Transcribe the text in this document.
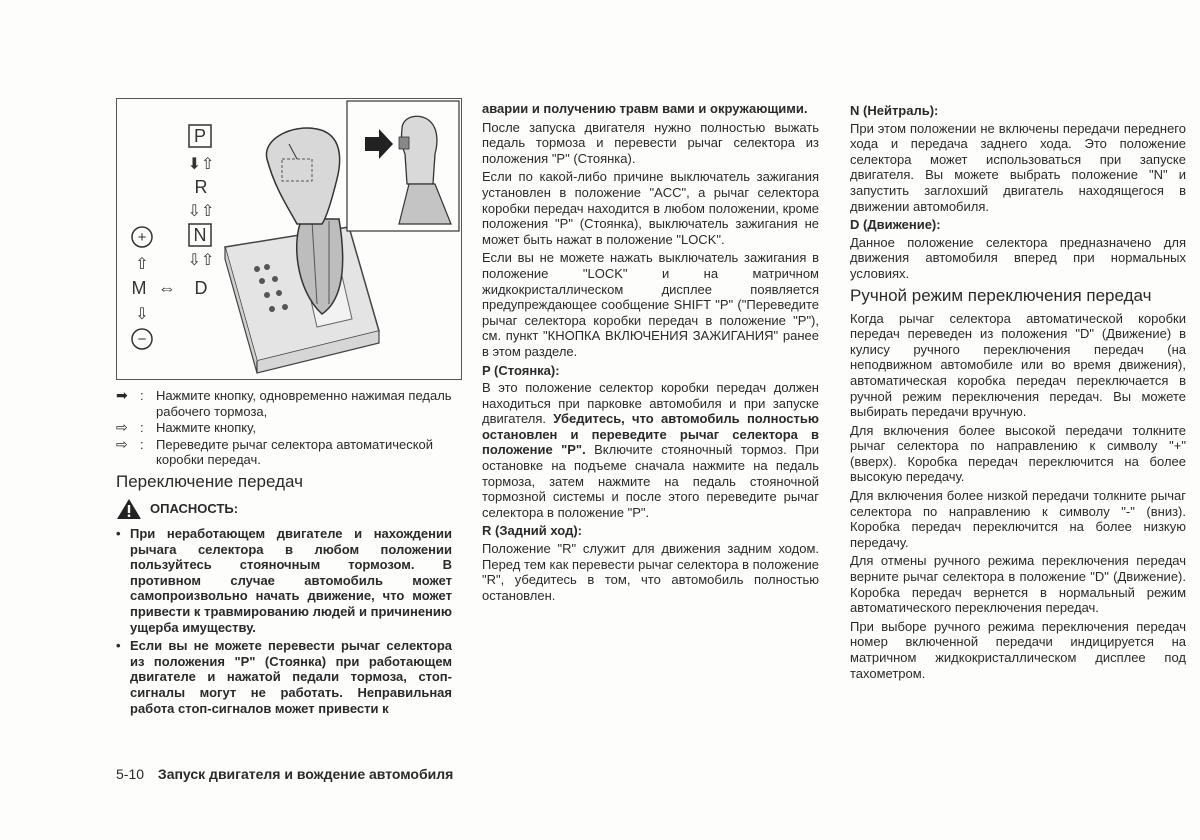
P
⬇⇧
R
⇩⇧
N
⇩⇧
D
+
⇧
M ⇔
⇩
−
➡ : Нажмите кнопку, одновременно нажимая педаль рабочего тормоза,
⇨ : Нажмите кнопку,
⇨ : Переведите рычаг селектора автоматической коробки передач.
Переключение передач
ОПАСНОСТЬ:
• При неработающем двигателе и нахождении рычага селектора в любом положении пользуйтесь стояночным тормозом. В противном случае автомобиль может самопроизвольно начать движение, что может привести к травмированию людей и причинению ущерба имуществу.
• Если вы не можете перевести рычаг селектора из положения "P" (Стоянка) при работающем двигателе и нажатой педали тормоза, стоп-сигналы могут не работать. Неправильная работа стоп-сигналов может привести к

аварии и получению травм вами и окружающими.

После запуска двигателя нужно полностью выжать педаль тормоза и перевести рычаг селектора из положения "P" (Стоянка).

Если по какой-либо причине выключатель зажигания установлен в положение "ACC", а рычаг селектора коробки передач находится в любом положении, кроме положения "P" (Стоянка), выключатель зажигания не может быть нажат в положение "LOCK".

Если вы не можете нажать выключатель зажигания в положение "LOCK" и на матричном жидкокристаллическом дисплее появляется предупреждающее сообщение SHIFT "P" ("Переведите рычаг селектора коробки передач в положение "P"), см. пункт "КНОПКА ВКЛЮЧЕНИЯ ЗАЖИГАНИЯ" ранее в этом разделе.

P (Стоянка):

В это положение селектор коробки передач должен находиться при парковке автомобиля и при запуске двигателя. Убедитесь, что автомобиль полностью остановлен и переведите рычаг селектора в положение "P". Включите стояночный тормоз. При остановке на подъеме сначала нажмите на педаль тормоза, затем нажмите на педаль стояночной тормозной системы и после этого переведите рычаг селектора в положение "P".

R (Задний ход):

Положение "R" служит для движения задним ходом. Перед тем как перевести рычаг селектора в положение "R", убедитесь в том, что автомобиль полностью остановлен.

N (Нейтраль):

При этом положении не включены передачи переднего хода и передача заднего хода. Это положение селектора может использоваться при запуске двигателя. Вы можете выбрать положение "N" и запустить заглохший двигатель находящегося в движении автомобиля.

D (Движение):

Данное положение селектора предназначено для движения автомобиля вперед при нормальных условиях.

Ручной режим переключения передач

Когда рычаг селектора автоматической коробки передач переведен из положения "D" (Движение) в кулису ручного переключения передач (на неподвижном автомобиле или во время движения), автоматическая коробка передач переключается в ручной режим переключения передач. Вы можете выбирать передачи вручную.

Для включения более высокой передачи толкните рычаг селектора по направлению к символу "+" (вверх). Коробка передач переключится на более высокую передачу.

Для включения более низкой передачи толкните рычаг селектора по направлению к символу "-" (вниз). Коробка передач переключится на более низкую передачу.

Для отмены ручного режима переключения передач верните рычаг селектора в положение "D" (Движение). Коробка передач вернется в нормальный режим автоматического переключения передач.

При выборе ручного режима переключения передач номер включенной передачи индицируется на матричном жидкокристаллическом дисплее под тахометром.

5-10 Запуск двигателя и вождение автомобиля
